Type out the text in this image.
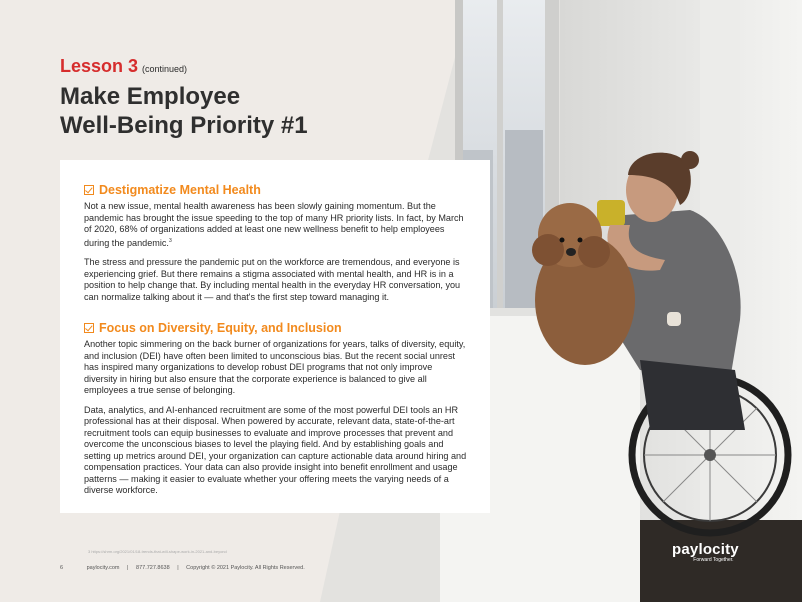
Lesson 3 (continued)
Make Employee
Well-Being Priority #1
Destigmatize Mental Health

Not a new issue, mental health awareness has been slowly gaining momentum. But the pandemic has brought the issue speeding to the top of many HR priority lists. In fact, by March of 2020, 68% of organizations added at least one new wellness benefit to help employees during the pandemic.$^3$

The stress and pressure the pandemic put on the workforce are tremendous, and everyone is experiencing grief. But there remains a stigma associated with mental health, and HR is in a position to help change that. By including mental health in the everyday HR conversation, you can normalize talking about it — and that's the first step toward managing it.

Focus on Diversity, Equity, and Inclusion

Another topic simmering on the back burner of organizations for years, talks of diversity, equity, and inclusion (DEI) have often been limited to unconscious bias. But the recent social unrest has inspired many organizations to develop robust DEI programs that not only improve diversity in hiring but also ensure that the corporate experience is balanced to give all employees a true sense of belonging.

Data, analytics, and AI-enhanced recruitment are some of the most powerful DEI tools an HR professional has at their disposal. When powered by accurate, relevant data, state-of-the-art recruitment tools can equip businesses to evaluate and improve processes that prevent and overcome the unconscious biases to level the playing field. And by establishing goals and setting up metrics around DEI, your organization can capture actionable data around hiring and compensation practices. Your data can also provide insight into benefit enrollment and usage patterns — making it easier to evaluate whether your offering meets the varying needs of a diverse workforce.

3 https://shrm.org/2021/01/18-trends-that-will-shape-work-in-2021-and-beyond
6	paylocity.com | 877.727.8638 | Copyright © 2021 Paylocity. All Rights Reserved.
paylocity
Forward Together.
